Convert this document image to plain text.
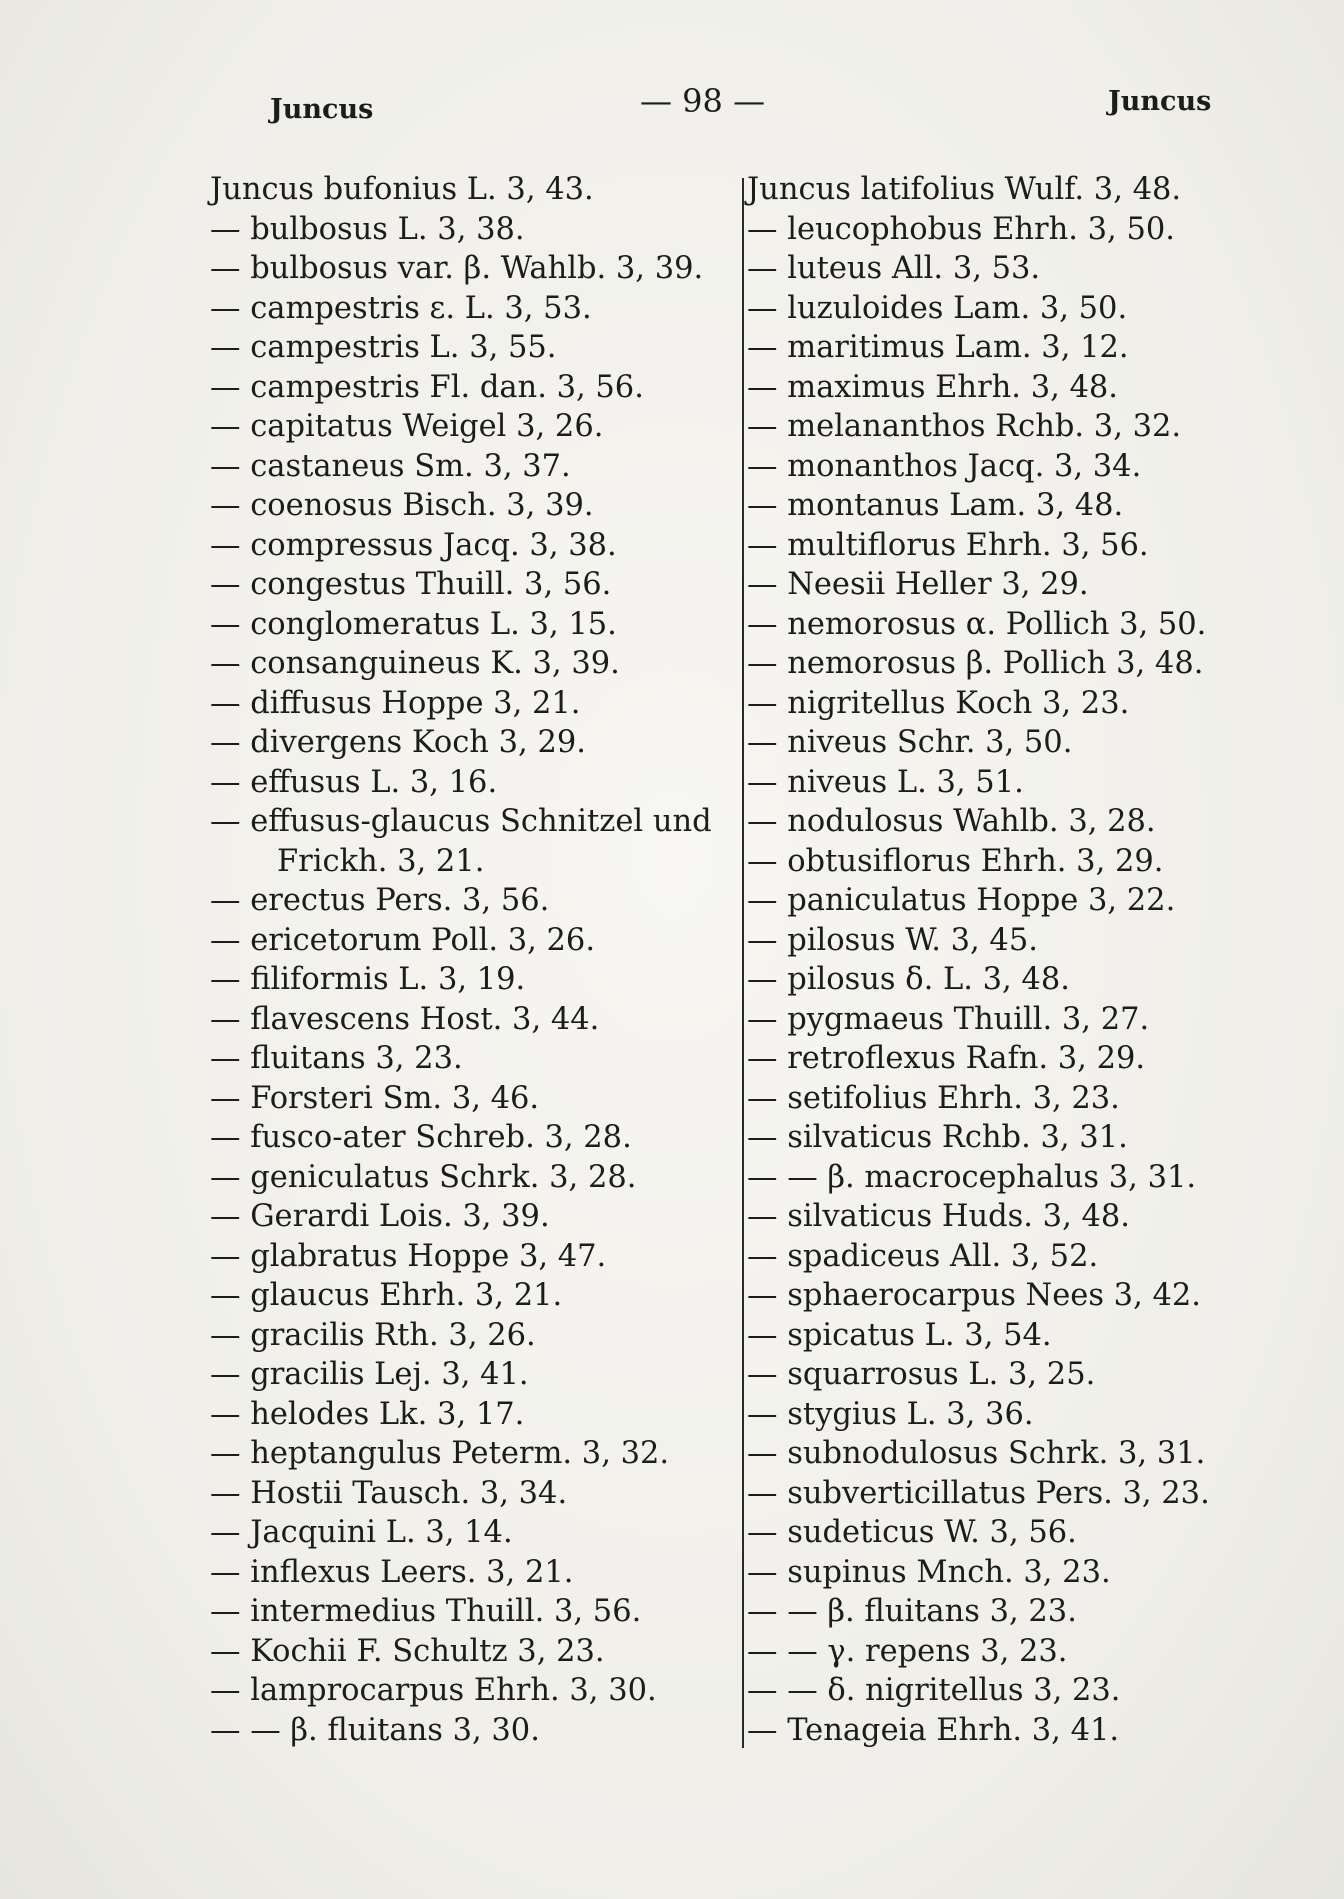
Juncus	— 98 —	Juncus
Juncus bufonius L. 3, 43.
— bulbosus L. 3, 38.
— bulbosus var. β. Wahlb. 3, 39.
— campestris ε. L. 3, 53.
— campestris L. 3, 55.
— campestris Fl. dan. 3, 56.
— capitatus Weigel 3, 26.
— castaneus Sm. 3, 37.
— coenosus Bisch. 3, 39.
— compressus Jacq. 3, 38.
— congestus Thuill. 3, 56.
— conglomeratus L. 3, 15.
— consanguineus K. 3, 39.
— diffusus Hoppe 3, 21.
— divergens Koch 3, 29.
— effusus L. 3, 16.
— effusus-glaucus Schnitzel und
Frickh. 3, 21.
— erectus Pers. 3, 56.
— ericetorum Poll. 3, 26.
— filiformis L. 3, 19.
— flavescens Host. 3, 44.
— fluitans 3, 23.
— Forsteri Sm. 3, 46.
— fusco-ater Schreb. 3, 28.
— geniculatus Schrk. 3, 28.
— Gerardi Lois. 3, 39.
— glabratus Hoppe 3, 47.
— glaucus Ehrh. 3, 21.
— gracilis Rth. 3, 26.
— gracilis Lej. 3, 41.
— helodes Lk. 3, 17.
— heptangulus Peterm. 3, 32.
— Hostii Tausch. 3, 34.
— Jacquini L. 3, 14.
— inflexus Leers. 3, 21.
— intermedius Thuill. 3, 56.
— Kochii F. Schultz 3, 23.
— lamprocarpus Ehrh. 3, 30.
— — β. fluitans 3, 30.
Juncus latifolius Wulf. 3, 48.
— leucophobus Ehrh. 3, 50.
— luteus All. 3, 53.
— luzuloides Lam. 3, 50.
— maritimus Lam. 3, 12.
— maximus Ehrh. 3, 48.
— melananthos Rchb. 3, 32.
— monanthos Jacq. 3, 34.
— montanus Lam. 3, 48.
— multiflorus Ehrh. 3, 56.
— Neesii Heller 3, 29.
— nemorosus α. Pollich 3, 50.
— nemorosus β. Pollich 3, 48.
— nigritellus Koch 3, 23.
— niveus Schr. 3, 50.
— niveus L. 3, 51.
— nodulosus Wahlb. 3, 28.
— obtusiflorus Ehrh. 3, 29.
— paniculatus Hoppe 3, 22.
— pilosus W. 3, 45.
— pilosus δ. L. 3, 48.
— pygmaeus Thuill. 3, 27.
— retroflexus Rafn. 3, 29.
— setifolius Ehrh. 3, 23.
— silvaticus Rchb. 3, 31.
— — β. macrocephalus 3, 31.
— silvaticus Huds. 3, 48.
— spadiceus All. 3, 52.
— sphaerocarpus Nees 3, 42.
— spicatus L. 3, 54.
— squarrosus L. 3, 25.
— stygius L. 3, 36.
— subnodulosus Schrk. 3, 31.
— subverticillatus Pers. 3, 23.
— sudeticus W. 3, 56.
— supinus Mnch. 3, 23.
— — β. fluitans 3, 23.
— — γ. repens 3, 23.
— — δ. nigritellus 3, 23.
— Tenageia Ehrh. 3, 41.
